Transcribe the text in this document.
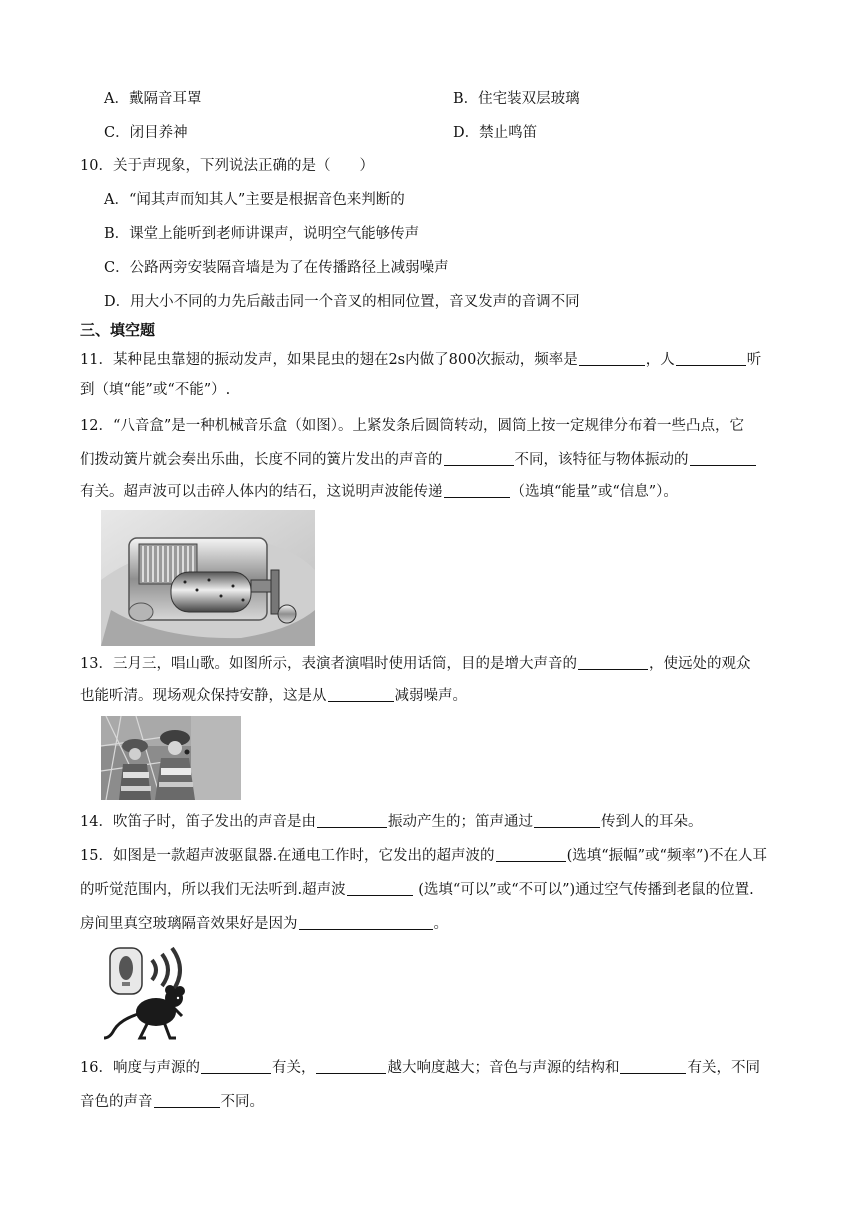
A．戴隔音耳罩	B．住宅装双层玻璃
C．闭目养神	D．禁止鸣笛
10．关于声现象，下列说法正确的是（　　）
A．“闻其声而知其人”主要是根据音色来判断的
B．课堂上能听到老师讲课声，说明空气能够传声
C．公路两旁安装隔音墙是为了在传播路径上减弱噪声
D．用大小不同的力先后敲击同一个音叉的相同位置，音叉发声的音调不同
三、填空题
11．某种昆虫靠翅的振动发声，如果昆虫的翅在2s内做了800次振动，频率是	，人	听
到（填“能”或“不能”）.
12．“八音盒”是一种机械音乐盒（如图）。上紧发条后圆筒转动，圆筒上按一定规律分布着一些凸点，它
们拨动簧片就会奏出乐曲，长度不同的簧片发出的声音的	不同，该特征与物体振动的
有关。超声波可以击碎人体内的结石，这说明声波能传递	（选填“能量”或“信息”）。
13．三月三，唱山歌。如图所示，表演者演唱时使用话筒，目的是增大声音的	，使远处的观众
也能听清。现场观众保持安静，这是从	减弱噪声。
14．吹笛子时，笛子发出的声音是由	振动产生的；笛声通过	传到人的耳朵。
15．如图是一款超声波驱鼠器.在通电工作时，它发出的超声波的	(选填“振幅”或“频率”)不在人耳
的听觉范围内，所以我们无法听到.超声波	(选填“可以”或“不可以”)通过空气传播到老鼠的位置.
房间里真空玻璃隔音效果好是因为	。
16．响度与声源的	有关，	越大响度越大；音色与声源的结构和	有关，不同
音色的声音	不同。
